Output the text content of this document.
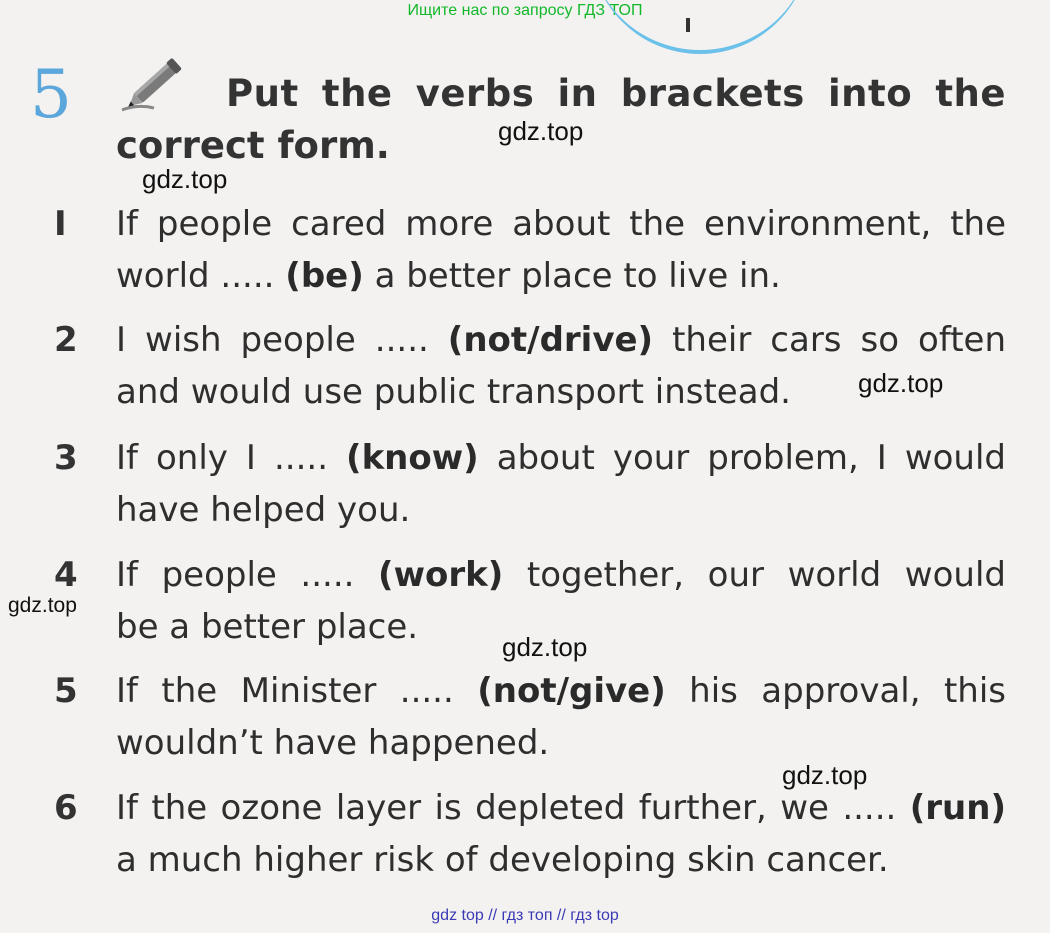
Ищите нас по запросу ГДЗ ТОП
5	Put the verbs in brackets into the
correct form.
I If people cared more about the environment, the
world ..... (be) a better place to live in.
2 I wish people ..... (not/drive) their cars so often
and would use public transport instead.
3 If only I ..... (know) about your problem, I would
have helped you.
4 If people ..... (work) together, our world would
be a better place.
5 If the Minister ..... (not/give) his approval, this
wouldn’t have happened.
6 If the ozone layer is depleted further, we ..... (run)
a much higher risk of developing skin cancer.
gdz.top
gdz.top
gdz.top
gdz.top
gdz.top
gdz.top
gdz top // гдз топ // гдз top
